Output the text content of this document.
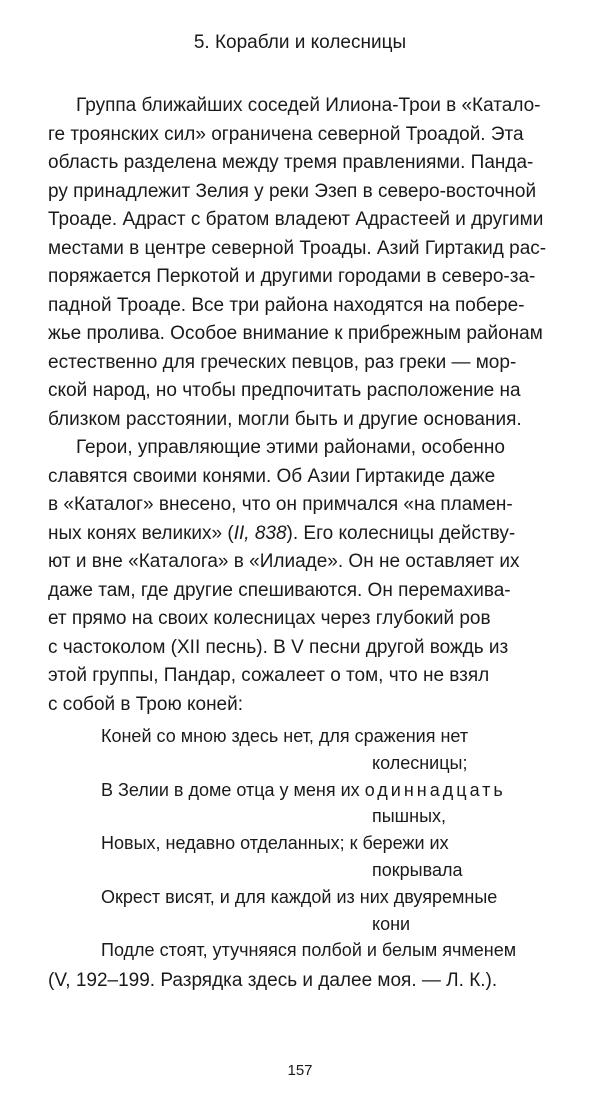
5. Корабли и колесницы
Группа ближайших соседей Илиона-Трои в «Катало-
ге троянских сил» ограничена северной Троадой. Эта
область разделена между тремя правлениями. Панда-
ру принадлежит Зелия у реки Эзеп в северо-восточной
Троаде. Адраст с братом владеют Адрастеей и другими
местами в центре северной Троады. Азий Гиртакид рас-
поряжается Перкотой и другими городами в северо-за-
падной Троаде. Все три района находятся на побере-
жье пролива. Особое внимание к прибрежным районам
естественно для греческих певцов, раз греки — мор-
ской народ, но чтобы предпочитать расположение на
близком расстоянии, могли быть и другие основания.
Герои, управляющие этими районами, особенно
славятся своими конями. Об Азии Гиртакиде даже
в «Каталог» внесено, что он примчался «на пламен-
ных конях великих» ( II, 838 ). Его колесницы действу-
ют и вне «Каталога» в «Илиаде». Он не оставляет их
даже там, где другие спешиваются. Он перемахива-
ет прямо на своих колесницах через глубокий ров
с частоколом (XII песнь). В V песни другой вождь из
этой группы, Пандар, сожалеет о том, что не взял
с собой в Трою коней:
Коней со мною здесь нет, для сражения нет
колесницы;
В Зелии в доме отца у меня их одиннадцать
пышных,
Новых, недавно отделанных; к бережи их
покрывала
Окрест висят, и для каждой из них двуяремные
кони
Подле стоят, утучняяся полбой и белым ячменем
(V, 192–199. Разрядка здесь и далее моя. — Л. К.).
157
